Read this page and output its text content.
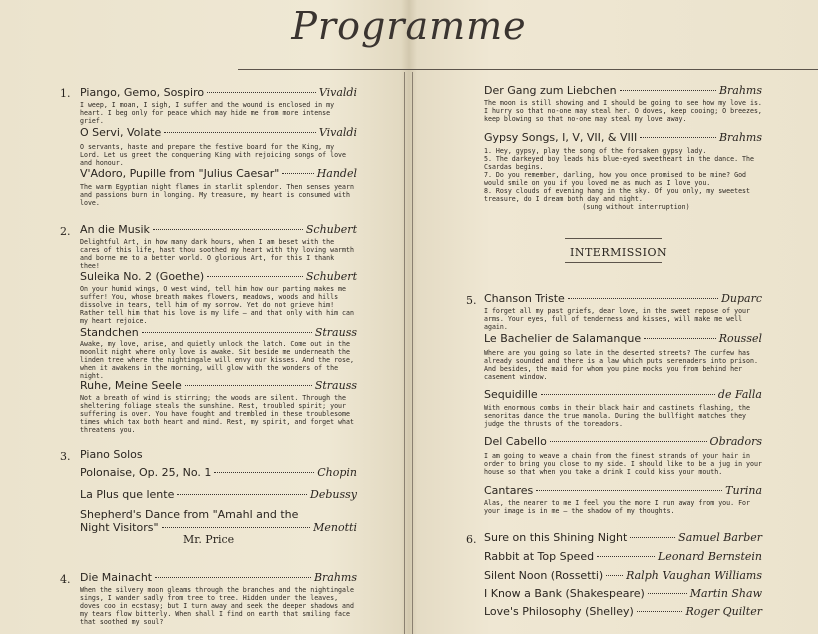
Programme
1. Piango, Gemo, Sospiro	Vivaldi
I weep, I moan, I sigh, I suffer and the wound is enclosed in my heart. I beg only for peace which may hide me from more intense grief.
O Servi, Volate	Vivaldi
O servants, haste and prepare the festive board for the King, my Lord. Let us greet the conquering King with rejoicing songs of love and honour.
V'Adoro, Pupille from "Julius Caesar"	Handel
The warm Egyptian night flames in starlit splendor. Then senses yearn and passions burn in longing. My treasure, my heart is consumed with love.
2. An die Musik	Schubert
Delightful Art, in how many dark hours, when I am beset with the cares of this life, hast thou soothed my heart with thy loving warmth and borne me to a better world. O glorious Art, for this I thank thee!
Suleika No. 2 (Goethe)	Schubert
On your humid wings, O west wind, tell him how our parting makes me suffer! You, whose breath makes flowers, meadows, woods and hills dissolve in tears, tell him of my sorrow. Yet do not grieve him! Rather tell him that his love is my life — and that only with him can my heart rejoice.
Standchen	Strauss
Awake, my love, arise, and quietly unlock the latch. Come out in the moonlit night where only love is awake. Sit beside me underneath the linden tree where the nightingale will envy our kisses. And the rose, when it awakens in the morning, will glow with the wonders of the night.
Ruhe, Meine Seele	Strauss
Not a breath of wind is stirring; the woods are silent. Through the sheltering foliage steals the sunshine. Rest, troubled spirit; your suffering is over. You have fought and trembled in these troublesome times which tax both heart and mind. Rest, my spirit, and forget what threatens you.
3. Piano Solos
Polonaise, Op. 25, No. 1	Chopin
La Plus que lente	Debussy
Shepherd's Dance from "Amahl and the
Night Visitors"	Menotti
Mr. Price
4. Die Mainacht	Brahms
When the silvery moon gleams through the branches and the nightingale sings, I wander sadly from tree to tree. Hidden under the leaves, doves coo in ecstasy; but I turn away and seek the deeper shadows and my tears flow bitterly. When shall I find on earth that smiling face that soothed my soul?
Der Gang zum Liebchen	Brahms
The moon is still showing and I should be going to see how my love is. I hurry so that no-one may steal her. O doves, keep cooing; O breezes, keep blowing so that no-one may steal my love away.
Gypsy Songs, I, V, VII, & VIII	Brahms
1. Hey, gypsy, play the song of the forsaken gypsy lady.
5. The darkeyed boy leads his blue-eyed sweetheart in the dance. The Csardas begins.
7. Do you remember, darling, how you once promised to be mine? God would smile on you if you loved me as much as I love you.
8. Rosy clouds of evening hang in the sky. Of you only, my sweetest treasure, do I dream both day and night.
(sung without interruption)
INTERMISSION
5. Chanson Triste	Duparc
I forget all my past griefs, dear love, in the sweet repose of your arms. Your eyes, full of tenderness and kisses, will make me well again.
Le Bachelier de Salamanque	Roussel
Where are you going so late in the deserted streets? The curfew has already sounded and there is a law which puts serenaders into prison. And besides, the maid for whom you pine mocks you from behind her casement window.
Sequidille	de Falla
With enormous combs in their black hair and castinets flashing, the senoritas dance the true manola. During the bullfight matches they judge the thrusts of the toreadors.
Del Cabello	Obradors
I am going to weave a chain from the finest strands of your hair in order to bring you close to my side. I should like to be a jug in your house so that when you take a drink I could kiss your mouth.
Cantares	Turina
Alas, the nearer to me I feel you the more I run away from you. For your image is in me — the shadow of my thoughts.
6. Sure on this Shining Night	Samuel Barber
Rabbit at Top Speed	Leonard Bernstein
Silent Noon (Rossetti) Ralph Vaughan Williams
I Know a Bank (Shakespeare)	Martin Shaw
Love's Philosophy (Shelley)	Roger Quilter
